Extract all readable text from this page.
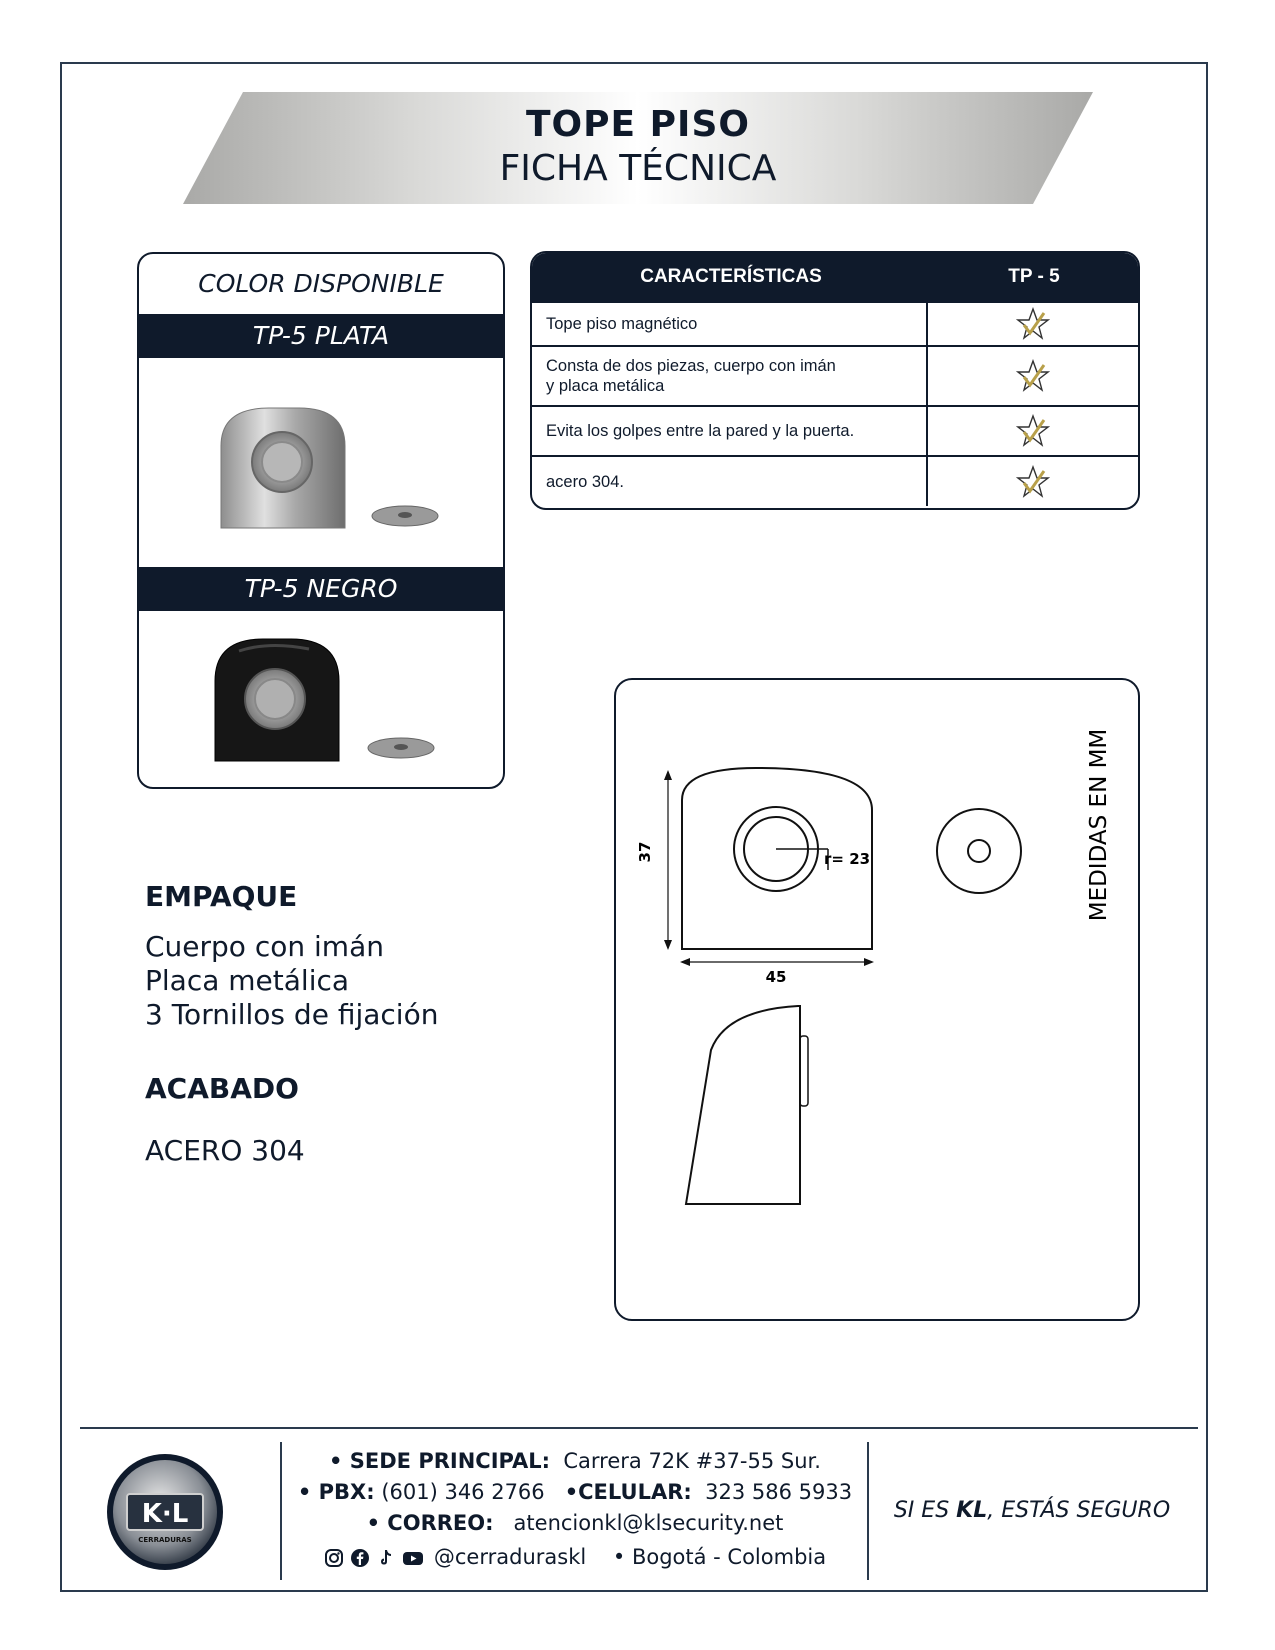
TOPE PISO
FICHA TÉCNICA
COLOR DISPONIBLE
TP-5 PLATA
TP-5 NEGRO
CARACTERÍSTICAS	TP - 5
Tope piso magnético
Consta de dos piezas, cuerpo con imán
y placa metálica
Evita los golpes entre la pared y la puerta.
acero 304.
EMPAQUE
Cuerpo con imán
Placa metálica
3 Tornillos de fijación
ACABADO
ACERO 304
37
45
r= 23	MEDIDAS EN MM
K·L
CERRADURAS
• SEDE PRINCIPAL: Carrera 72K #37-55 Sur.
• PBX: (601) 346 2766 •CELULAR: 323 586 5933
• CORREO: atencionkl@klsecurity.net
@cerraduraskl • Bogotá - Colombia
SI ES KL, ESTÁS SEGURO
